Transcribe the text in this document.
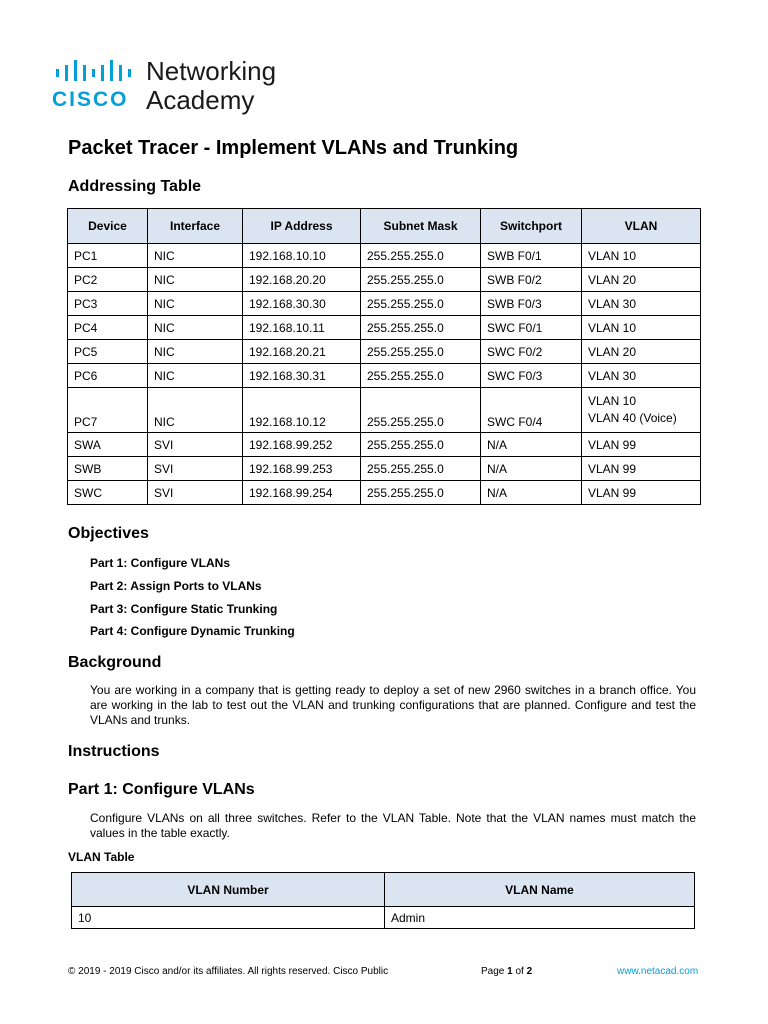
CISCO
Networking
Academy
Packet Tracer - Implement VLANs and Trunking
Addressing Table
Device	Interface	IP Address	Subnet Mask	Switchport	VLAN
PC1	NIC	192.168.10.10	255.255.255.0	SWB F0/1	VLAN 10
PC2	NIC	192.168.20.20	255.255.255.0	SWB F0/2	VLAN 20
PC3	NIC	192.168.30.30	255.255.255.0	SWB F0/3	VLAN 30
PC4	NIC	192.168.10.11	255.255.255.0	SWC F0/1	VLAN 10
PC5	NIC	192.168.20.21	255.255.255.0	SWC F0/2	VLAN 20
PC6	NIC	192.168.30.31	255.255.255.0	SWC F0/3	VLAN 30
PC7	NIC	192.168.10.12	255.255.255.0	SWC F0/4	VLAN 10
VLAN 40 (Voice)

SWA	SVI	192.168.99.252	255.255.255.0	N/A	VLAN 99
SWB	SVI	192.168.99.253	255.255.255.0	N/A	VLAN 99
SWC	SVI	192.168.99.254	255.255.255.0	N/A	VLAN 99
Objectives
Part 1: Configure VLANs
Part 2: Assign Ports to VLANs
Part 3: Configure Static Trunking
Part 4: Configure Dynamic Trunking
Background
You are working in a company that is getting ready to deploy a set of new 2960 switches in a branch office. You are working in the lab to test out the VLAN and trunking configurations that are planned. Configure and test the VLANs and trunks.
Instructions
Part 1: Configure VLANs
Configure VLANs on all three switches. Refer to the VLAN Table. Note that the VLAN names must match the values in the table exactly.
VLAN Table
VLAN Number	VLAN Name
10	Admin
© 2019 - 2019 Cisco and/or its affiliates. All rights reserved. Cisco Public	Page 1 of 2	www.netacad.com
